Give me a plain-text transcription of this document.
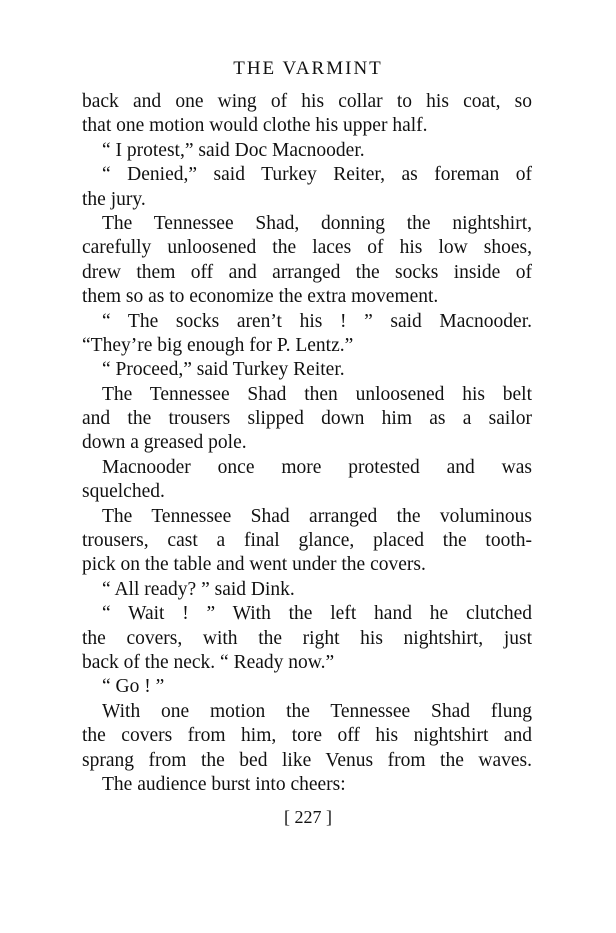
THE VARMINT
back and one wing of his collar to his coat, so
that one motion would clothe his upper half.
“ I protest,” said Doc Macnooder.
“ Denied,” said Turkey Reiter, as foreman of
the jury.
The Tennessee Shad, donning the nightshirt,
carefully unloosened the laces of his low shoes,
drew them off and arranged the socks inside of
them so as to economize the extra movement.
“ The socks aren’t his ! ” said Macnooder.
“They’re big enough for P. Lentz.”
“ Proceed,” said Turkey Reiter.
The Tennessee Shad then unloosened his belt
and the trousers slipped down him as a sailor
down a greased pole.
Macnooder once more protested and was
squelched.
The Tennessee Shad arranged the voluminous
trousers, cast a final glance, placed the tooth-
pick on the table and went under the covers.
“ All ready? ” said Dink.
“ Wait ! ” With the left hand he clutched
the covers, with the right his nightshirt, just
back of the neck. “ Ready now.”
“ Go ! ”
With one motion the Tennessee Shad flung
the covers from him, tore off his nightshirt and
sprang from the bed like Venus from the waves.
The audience burst into cheers:
[ 227 ]
